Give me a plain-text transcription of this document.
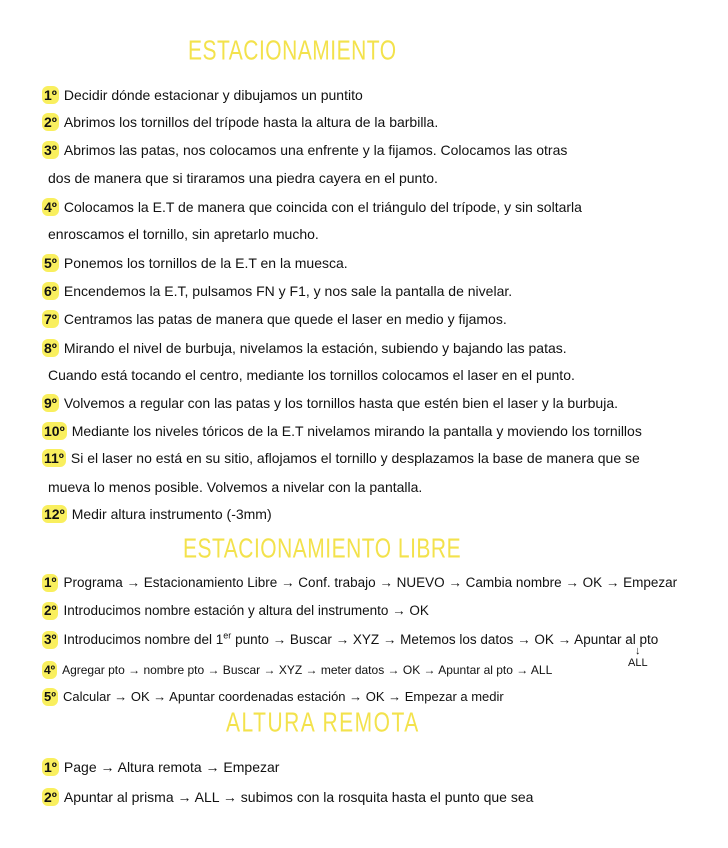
ESTACIONAMIENTO
1º Decidir dónde estacionar y dibujamos un puntito
2º Abrimos los tornillos del trípode hasta la altura de la barbilla.
3º Abrimos las patas, nos colocamos una enfrente y la fijamos. Colocamos las otras
dos de manera que si tiraramos una piedra cayera en el punto.
4º Colocamos la E.T de manera que coincida con el triángulo del trípode, y sin soltarla
enroscamos el tornillo, sin apretarlo mucho.
5º Ponemos los tornillos de la E.T en la muesca.
6º Encendemos la E.T, pulsamos FN y F1, y nos sale la pantalla de nivelar.
7º Centramos las patas de manera que quede el laser en medio y fijamos.
8º Mirando el nivel de burbuja, nivelamos la estación, subiendo y bajando las patas.
Cuando está tocando el centro, mediante los tornillos colocamos el laser en el punto.
9º Volvemos a regular con las patas y los tornillos hasta que estén bien el laser y la burbuja.
10º Mediante los niveles tóricos de la E.T nivelamos mirando la pantalla y moviendo los tornillos
11º Si el laser no está en su sitio, aflojamos el tornillo y desplazamos la base de manera que se
mueva lo menos posible. Volvemos a nivelar con la pantalla.
12º Medir altura instrumento (-3mm)
ESTACIONAMIENTO LIBRE
1º Programa → Estacionamiento Libre → Conf. trabajo → NUEVO → Cambia nombre → OK → Empezar
2º Introducimos nombre estación y altura del instrumento → OK
3º Introducimos nombre del 1er punto → Buscar → XYZ → Metemos los datos → OK → Apuntar al pto
↓
ALL
4º Agregar pto → nombre pto → Buscar → XYZ → meter datos → OK → Apuntar al pto → ALL
5º Calcular → OK → Apuntar coordenadas estación → OK → Empezar a medir
ALTURA REMOTA
1º Page → Altura remota → Empezar
2º Apuntar al prisma → ALL → subimos con la rosquita hasta el punto que sea
